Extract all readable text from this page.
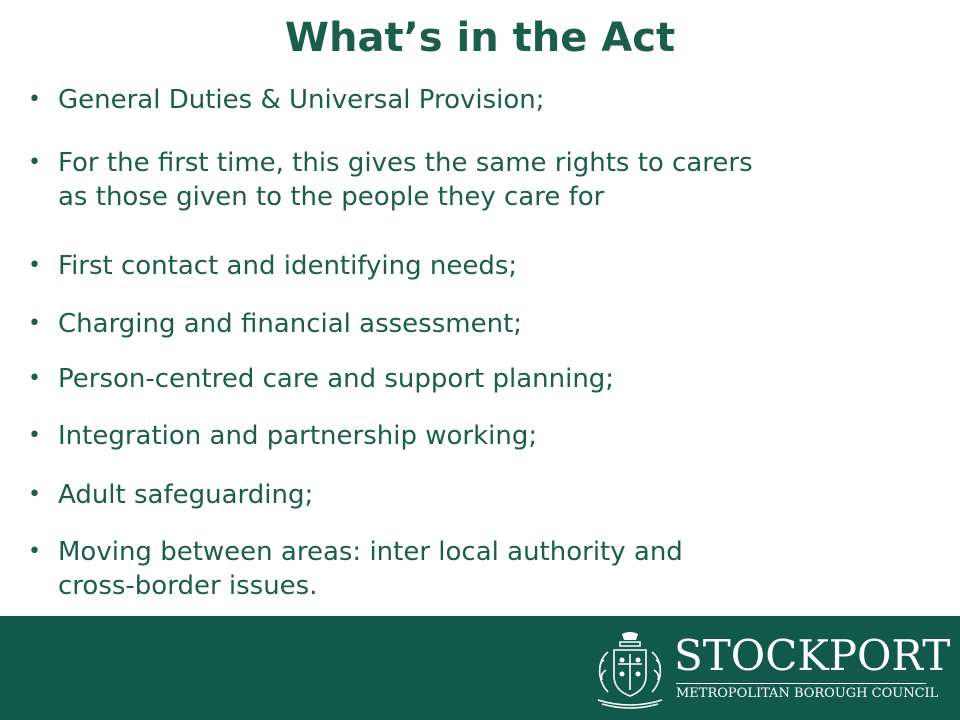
What’s in the Act
• General Duties & Universal Provision;
• For the first time, this gives the same rights to carers
as those given to the people they care for
• First contact and identifying needs;
• Charging and financial assessment;
• Person-centred care and support planning;
• Integration and partnership working;
• Adult safeguarding;
• Moving between areas: inter local authority and
cross-border issues.
STOCKPORT
METROPOLITAN BOROUGH COUNCIL
